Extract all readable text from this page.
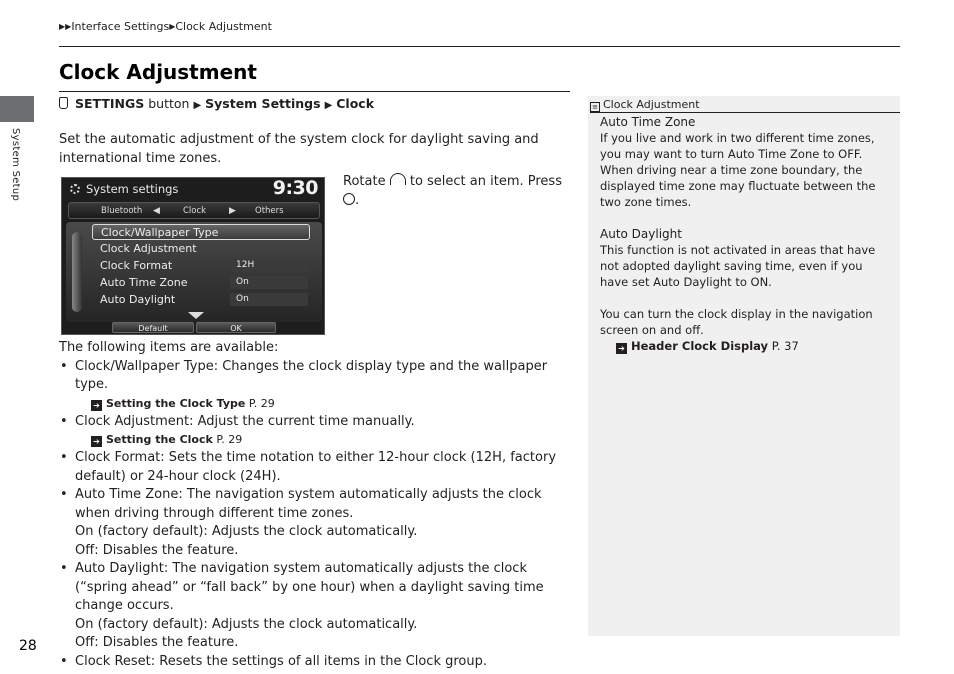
▶▶Interface Settings▶Clock Adjustment
System Setup
Clock Adjustment
SETTINGS button ▶ System Settings ▶ Clock
Set the automatic adjustment of the system clock for daylight saving and international time zones.
System settings	9:30
Bluetooth ◀	Clock	▶ Others
Clock/Wallpaper Type
Clock Adjustment
Clock Format	12H
Auto Time Zone	On
Auto Daylight	On
Default	OK
Rotate to select an item. Press .

The following items are available:

• Clock/Wallpaper Type: Changes the clock display type and the wallpaper type.
➔ Setting the Clock Type P. 29
• Clock Adjustment: Adjust the current time manually.
➔ Setting the Clock P. 29
• Clock Format: Sets the time notation to either 12-hour clock (12H, factory default) or 24-hour clock (24H).
• Auto Time Zone: The navigation system automatically adjusts the clock when driving through different time zones.
On (factory default): Adjusts the clock automatically.
Off: Disables the feature.
• Auto Daylight: The navigation system automatically adjusts the clock (“spring ahead” or “fall back” by one hour) when a daylight saving time change occurs.
On (factory default): Adjusts the clock automatically.
Off: Disables the feature.
• Clock Reset: Resets the settings of all items in the Clock group.
28
≡ Clock Adjustment
Auto Time Zone
If you live and work in two different time zones, you may want to turn Auto Time Zone to OFF. When driving near a time zone boundary, the displayed time zone may fluctuate between the two zone times.
Auto Daylight
This function is not activated in areas that have not adopted daylight saving time, even if you have set Auto Daylight to ON.
You can turn the clock display in the navigation screen on and off.
➔ Header Clock Display P. 37
